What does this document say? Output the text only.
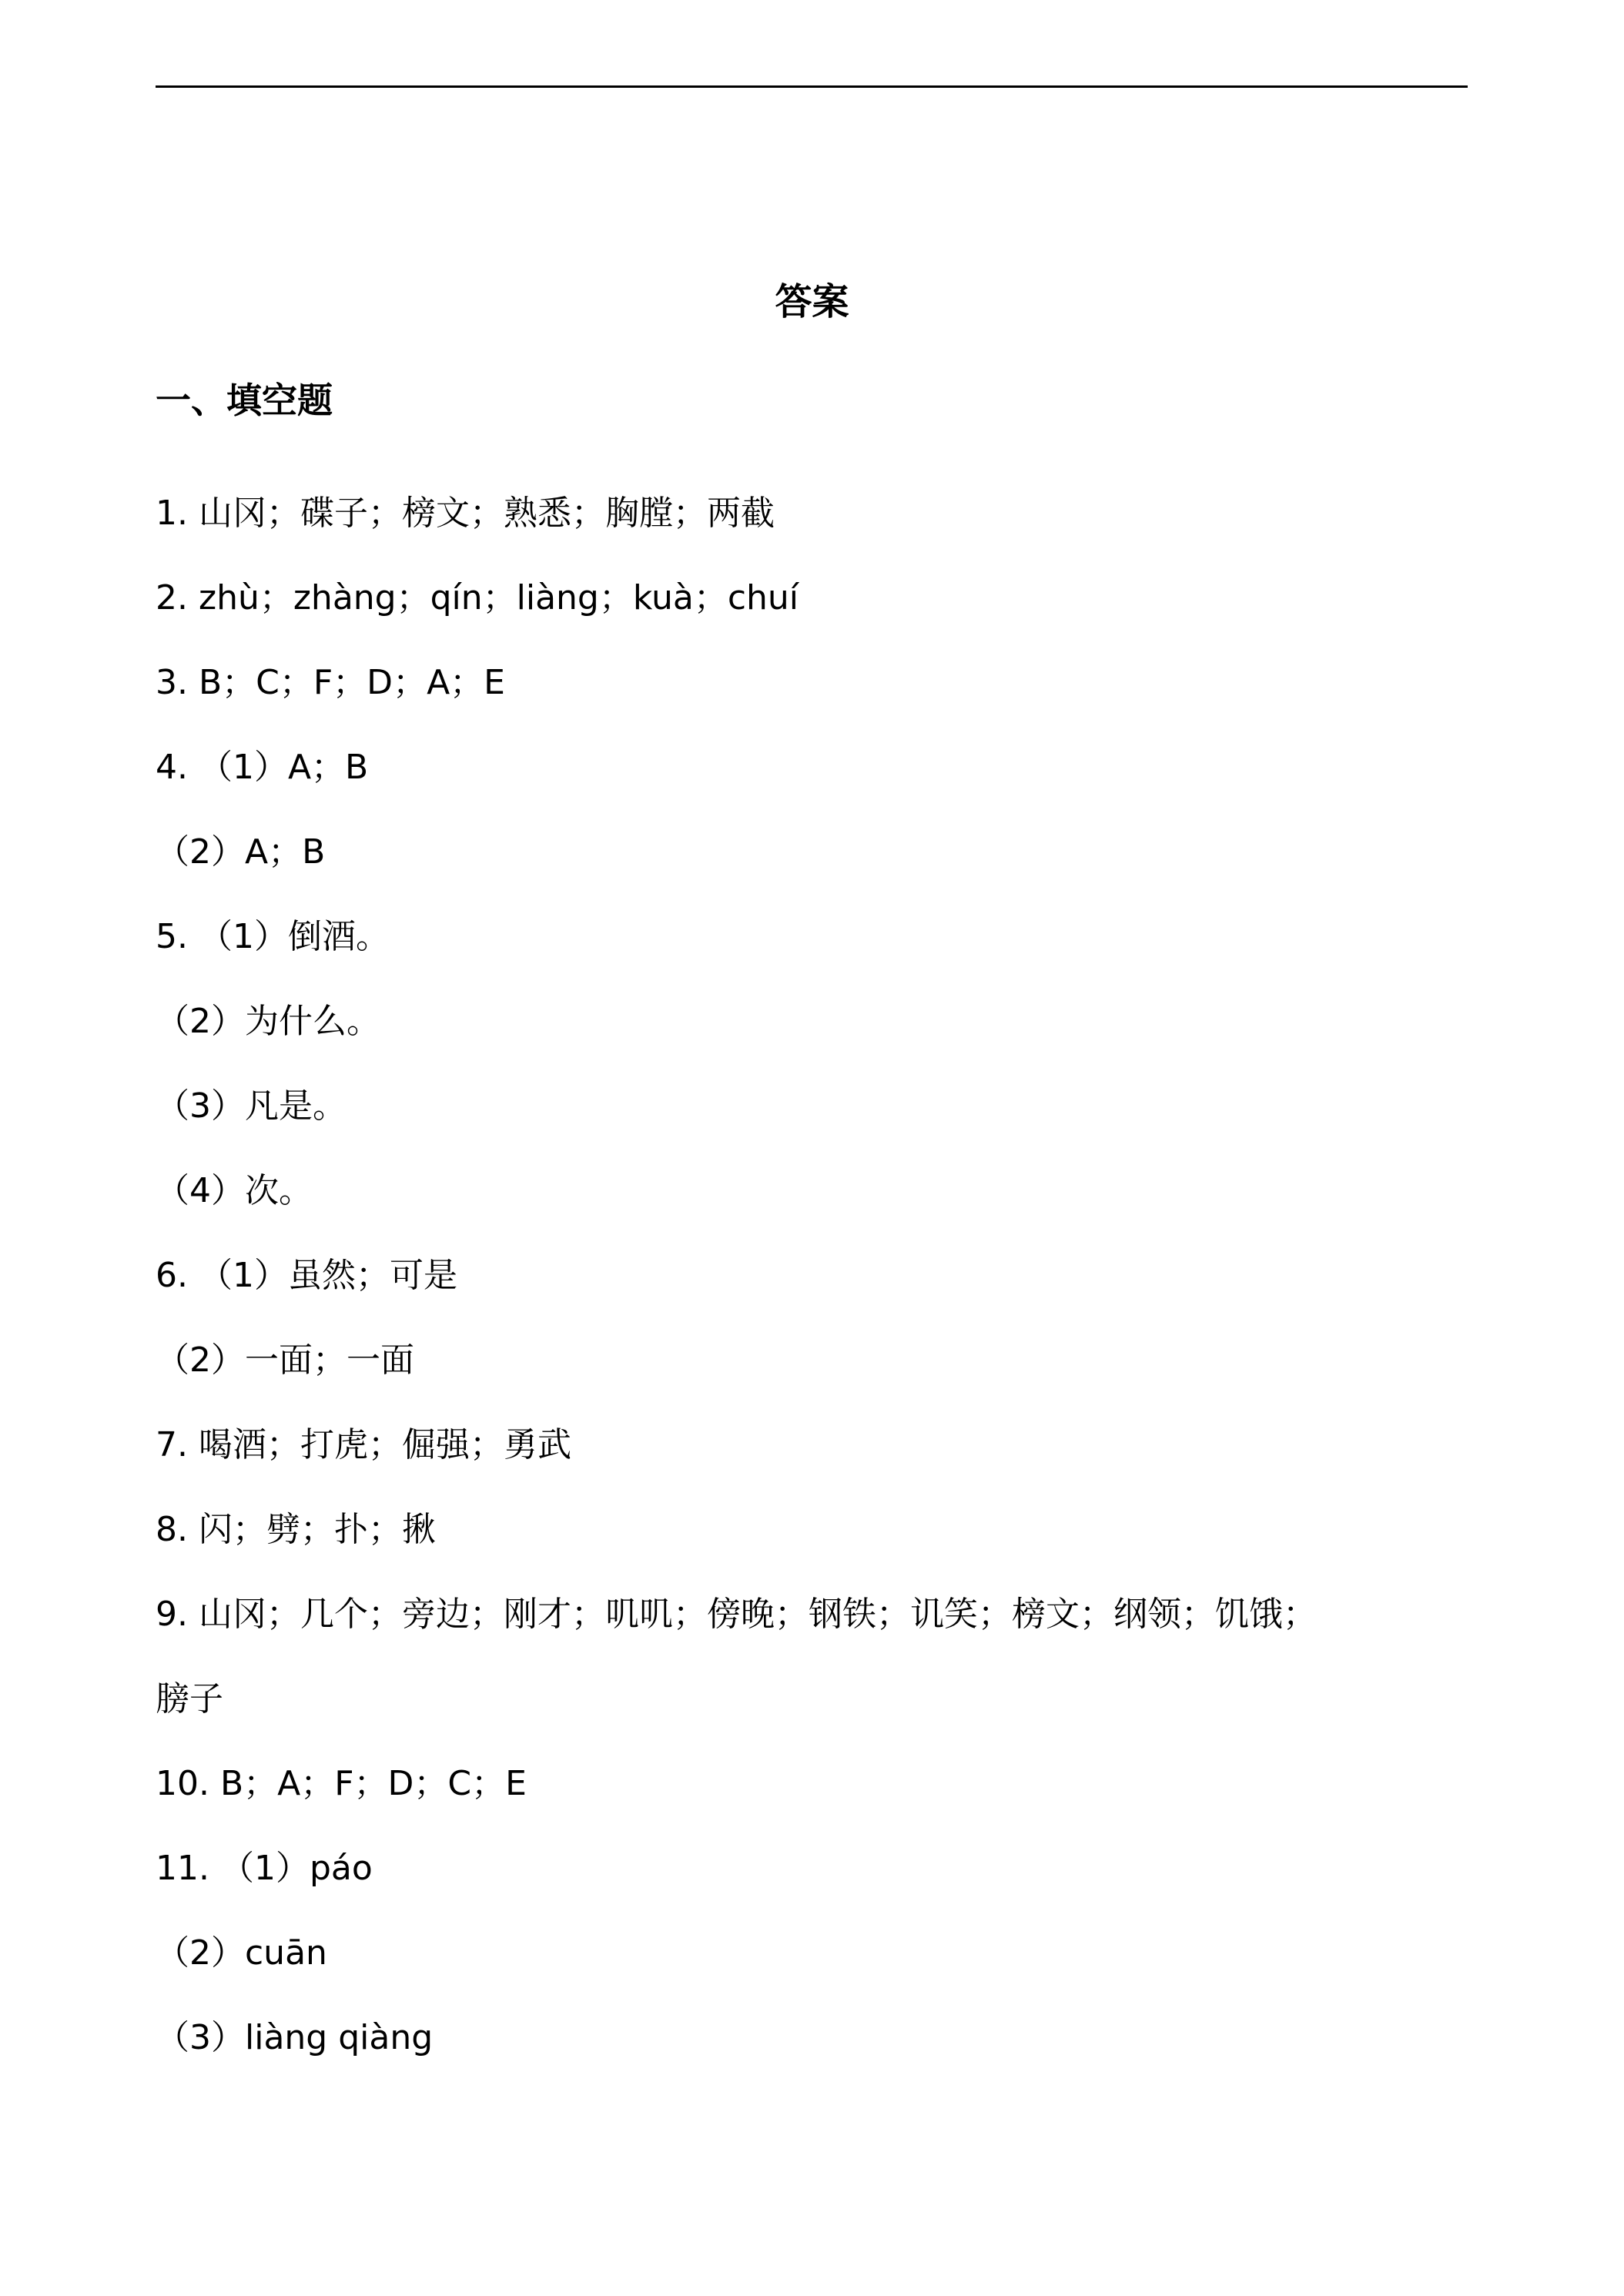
答案
一、填空题
1. 山冈；碟子；榜文；熟悉；胸膛；两截
2. zhù；zhàng；qín；liàng；kuà；chuí
3. B；C；F；D；A；E
4. （1）A；B
（2）A；B
5. （1）倒酒。
（2）为什么。
（3）凡是。
（4）次。
6. （1）虽然；可是
（2）一面；一面
7. 喝酒；打虎；倔强；勇武
8. 闪；劈；扑；揪
9. 山冈；几个；旁边；刚才；叽叽；傍晚；钢铁；讥笑；榜文；纲领；饥饿；
膀子
10. B；A；F；D；C；E
11. （1）páo
（2）cuān
（3）liàng qiàng
